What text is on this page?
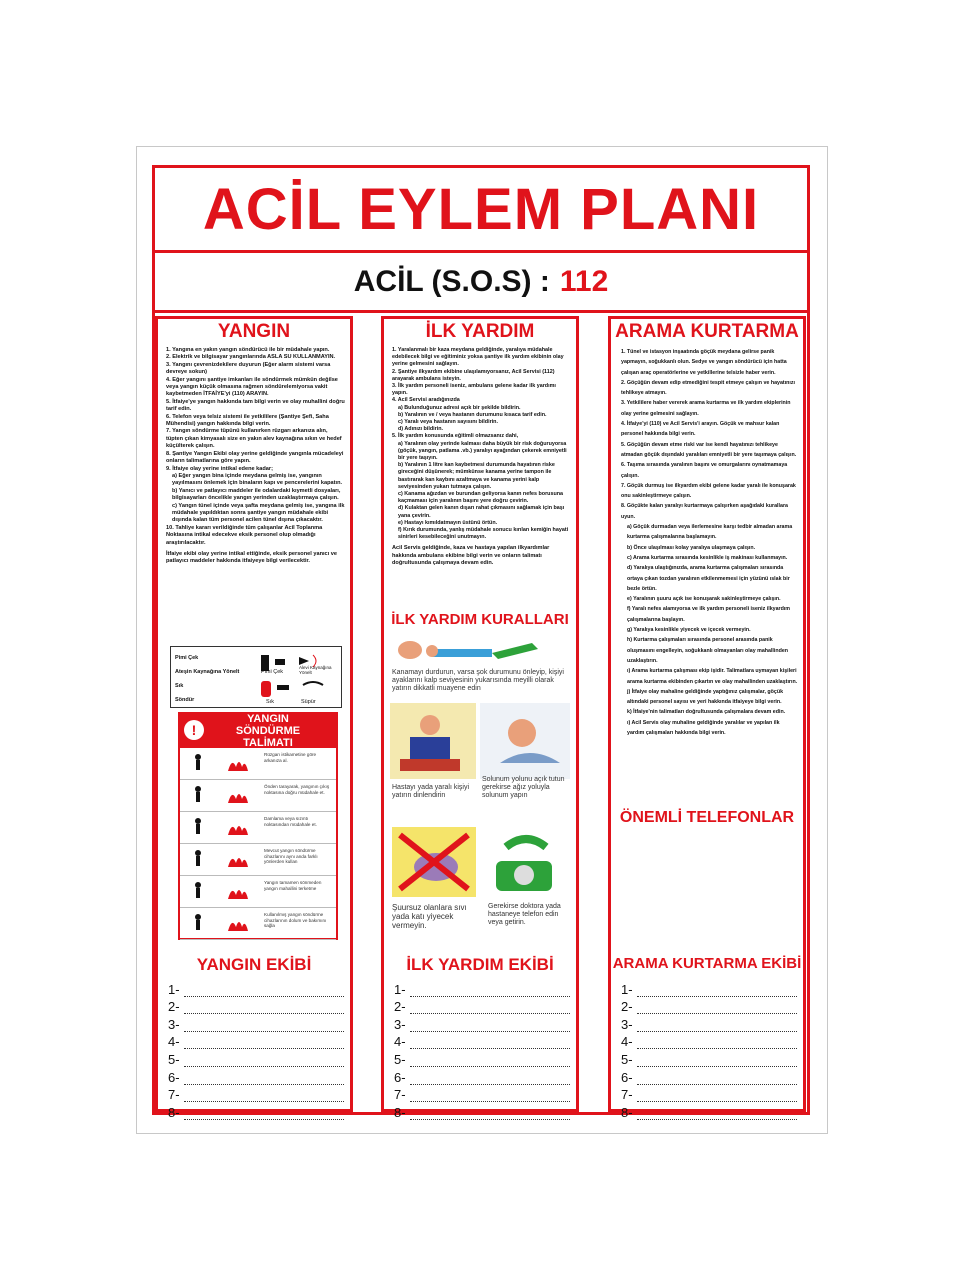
ACİL EYLEM PLANI
ACİL (S.O.S) : 112
YANGIN
1. Yangına en yakın yangın söndürücü ile bir müdahale yapın.
2. Elektrik ve bilgisayar yangınlarında ASLA SU KULLANMAYIN.
3. Yangını çevrenizdekilere duyurun (Eğer alarm sistemi varsa devreye sokun)
4. Eğer yangını şantiye imkanları ile söndürmek mümkün değilse veya yangın küçük olmasına rağmen söndürelemiyorsa vakit kaybetmeden İTFAİYE'yi (110) ARAYIN.
5. İtfaiye'ye yangın hakkında tam bilgi verin ve olay muhallini doğru tarif edin.
6. Telefon veya telsiz sistemi ile yetkililere (Şantiye Şefi, Saha Mühendisi) yangın hakkında bilgi verin.
7. Yangın söndürme tüpünü kullanırken rüzgarı arkanıza alın, tüpten çıkan kimyasalı size en yakın alev kaynağına sıkın ve hedef küçülterek çalışın.
8. Şantiye Yangın Ekibi olay yerine geldiğinde yangınla mücadeleyi onların talimatlarına göre yapın.
9. İtfaiye olay yerine intikal edene kadar;
a) Eğer yangın bina içinde meydana gelmiş ise, yangının yayılmasını önlemek için binaların kapı ve pencerelerini kapatın.
b) Yanıcı ve patlayıcı maddeler ile odalardaki kıymetli dosyaları, bilgisayarları öncelikle yangın yerinden uzaklaştırmaya çalışın.
c) Yangın tünel içinde veya şafta meydana gelmiş ise, yangına ilk müdahale yapıldıktan sonra şantiye yangın müdahale ekibi dışında kalan tüm personel acilen tünel dışına çıkacaktır.
10. Tahliye kararı verildiğinde tüm çalışanlar Acil Toplanma Noktasına intikal edecekve eksik personel olup olmadığı araştırılacaktır.
İtfaiye ekibi olay yerine intikal ettiğinde, eksik personel yanıcı ve patlayıcı maddeler hakkında itfaiyeye bilgi verilecektir.
Pimi Çek
Ateşin Kaynağına Yönelt
Sık
Söndür
Pimi Çek
Alevi Kaynağına Yönelt
Sık	Süpür
!
YANGIN SÖNDÜRME TALİMATI
Rüzgarı istikametine göre arkanıza al.
Önden tarayarak, yangının çıkış noktasına doğru müdahale et.
Damlama veya sızıntı noktasından müdahale et.
Mevcut yangın söndürme cihazlarını aynı anda farklı yönlerden kullan
Yangın tamamen sönmeden yangın mahallini terketme
Kullanılmış yangın söndürme cihazlarının dolum ve bakımını sağla
YANGIN EKİBİ
1-
2-
3-
4-
5-
6-
7-
8-
İLK YARDIM
1. Yaralanmalı bir kaza meydana geldiğinde, yaralıya müdahale edebilecek bilgi ve eğitiminiz yoksa şantiye ilk yardım ekibinin olay yerine gelmesini sağlayın.
2. Şantiye ilkyardım ekibine ulaşılamıyorsanız, Acil Servisi (112) arayarak ambulans isteyin.
3. İlk yardım personeli iseniz, ambulans gelene kadar ilk yardımı yapın.
4. Acil Servisi aradığınızda
a) Bulunduğunuz adresi açık bir şekilde bildirin.
b) Yaralının ve / veya hastanın durumunu kısaca tarif edin.
c) Yaralı veya hastanın sayısını bildirin.
d) Adınızı bildirin.
5. İlk yardım konusunda eğitimli olmazsanız dahi,
a) Yaralının olay yerinde kalması daha büyük bir risk doğuruyorsa (göçük, yangın, patlama .vb.) yaralıyı ayağından çekerek emniyetli bir yere taşıyın.
b) Yaralının 1 litre kan kaybetmesi durumunda hayatının riske gireceğini düşünerek; mümkünse kanama yerine tampon ile bastırarak kan kaybını azaltmaya ve kanama yerini kalp seviyesinden yukarı tutmaya çalışın.
c) Kanama ağızdan ve burundan geliyorsa kanın nefes borusuna kaçmaması için yaralının başını yere doğru çevirin.
d) Kulaktan gelen kanın dışarı rahat çıkmasını sağlamak için başı yana çevirin.
e) Hastayı kımıldatmayın üstünü örtün.
f) Kırık durumunda, yanlış müdahale sonucu kırılan kemiğin hayati sinirleri kesebileceğini unutmayın.
Acil Servis geldiğinde, kaza ve hastaya yapılan ilkyardımlar hakkında ambulans ekibine bilgi verin ve onların talimatı doğrultusunda çalışmaya devam edin.
İLK YARDIM KURALLARI
Kanamayı durdurun, varsa şok durumunu önleyip, kişiyi ayaklarını kalp seviyesinin yukarısında meyilli olarak yatırın dikkatli muayene edin
Hastayı yada yaralı kişiyi yatırın dinlendirin
Solunum yolunu açık tutun gerekirse ağız yoluyla solunum yapın
Şuursuz olanlara sıvı yada katı yiyecek vermeyin.
Gerekirse doktora yada hastaneye telefon edin veya getirin.
İLK YARDIM EKİBİ
1-
2-
3-
4-
5-
6-
7-
8-
ARAMA KURTARMA
1. Tünel ve istasyon inşaatında göçük meydana gelirse panik yapmayın, soğukkanlı olun. Sedye ve yangın söndürücü için hatta çalışan araç operatörlerine ve yetkillerine telsizle haber verin.
2. Göçüğün devam edip etmediğini tespit etmeye çalışın ve hayatınızı tehlikeye atmayın.
3. Yetkililere haber vererek arama kurtarma ve ilk yardım ekiplerinin olay yerine gelmesini sağlayın.
4. İtfaiye'yi (110) ve Acil Servis'i arayın. Göçük ve mahsur kalan personel hakkında bilgi verin.
5. Göçüğün devam etme riski var ise kendi hayatınızı tehlikeye atmadan göçük dışındaki yaralıları emniyetli bir yere taşımaya çalışın.
6. Taşıma sırasında yaralının başını ve omurgalarını oynatmamaya çalışın.
7. Göçük durmuş ise ilkyardım ekibi gelene kadar yaralı ile konuşarak onu sakinleştirmeye çalışın.
8. Göçükte kalan yaralıyı kurtarmaya çalışırken aşağıdaki kurallara uyun.
a) Göçük durmadan veya ilerlemesine karşı tedbir almadan arama kurtarma çalışmalarına başlamayın.
b) Önce ulaşılması kolay yaralıya ulaşmaya çalışın.
c) Arama kurtarma sırasında kesinlikle iş makinası kullanmayın.
d) Yaralıya ulaştığınızda, arama kurtarma çalışmaları sırasında ortaya çıkan tozdan yaralının etkilenmemesi için yüzünü ıslak bir bezle örtün.
e) Yaralının şuuru açık ise konuşarak sakinleştirmeye çalışın.
f) Yaralı nefes alamıyorsa ve ilk yardım personeli iseniz ilkyardım çalışmalarına başlayın.
g) Yaralıya kesinlikle yiyecek ve içecek vermeyin.
h) Kurtarma çalışmaları sırasında personel arasında panik oluşmasını engelleyin, soğukkanlı olmayanları olay mahallinden uzaklaştırın.
ı) Arama kurtarma çalışması ekip işidir. Talimatlara uymayan kişileri arama kurtarma ekibinden çıkartın ve olay mahallinden uzaklaştırın.
j) İtfaiye olay mahaline geldiğinde yaptığınız çalışmalar, göçük altındaki personel sayısı ve yeri hakkında itfaiyeye bilgi verin.
k) İtfaiye'nin talimatları doğrultusunda çalışmalara devam edin.
ı) Acil Servis olay muhaline geldiğinde yaralılar ve yapılan ilk yardım çalışmaları hakkında bilgi verin.
ÖNEMLİ TELEFONLAR
ARAMA KURTARMA EKİBİ
1-
2-
3-
4-
5-
6-
7-
8-
